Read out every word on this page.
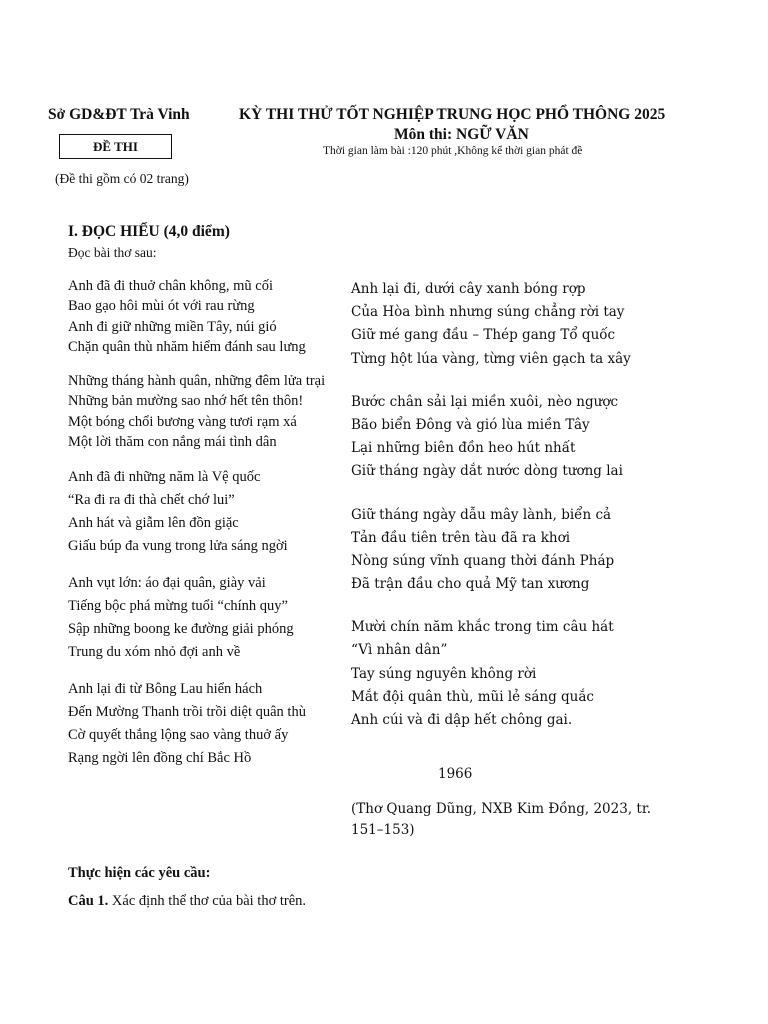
Sở GD&ĐT Trà Vinh	KỲ THI THỬ TỐT NGHIỆP TRUNG HỌC PHỔ THÔNG 2025
Môn thi: NGỮ VĂN
Thời gian làm bài :120 phút ,Không kể thời gian phát đề
ĐỀ THI
(Đề thi gồm có 02 trang)
I. ĐỌC HIỂU (4,0 điểm)
Đọc bài thơ sau:
Anh đã đi thuở chân không, mũ cối
Bao gạo hôi mùi ót với rau rừng
Anh đi giữ những miền Tây, núi gió
Chặn quân thù nhăm hiểm đánh sau lưng
Những tháng hành quân, những đêm lửa trại
Những bản mường sao nhớ hết tên thôn!
Một bóng chổi bương vàng tươi rạm xá
Một lời thăm con nắng mái tình dân
Anh đã đi những năm là Vệ quốc
“Ra đi ra đi thà chết chớ lui”
Anh hát và giẫm lên đồn giặc
Giấu búp đa vung trong lửa sáng ngời
Anh vụt lớn: áo đại quân, giày vải
Tiếng bộc phá mừng tuổi “chính quy”
Sập những boong ke đường giải phóng
Trung du xóm nhỏ đợi anh về
Anh lại đi từ Bông Lau hiển hách
Đến Mường Thanh trồi trồi diệt quân thù
Cờ quyết thắng lộng sao vàng thuở ấy
Rạng ngời lên đồng chí Bắc Hồ
Anh lại đi, dưới cây xanh bóng rợp
Của Hòa bình nhưng súng chẳng rời tay
Giữ mé gang đầu – Thép gang Tổ quốc
Từng hột lúa vàng, từng viên gạch ta xây
Bước chân sải lại miền xuôi, nèo ngược
Bão biển Đông và gió lùa miền Tây
Lại những biên đồn heo hút nhất
Giữ tháng ngày dắt nước dòng tương lai
Giữ tháng ngày dẫu mây lành, biển cả
Tản đầu tiên trên tàu đã ra khơi
Nòng súng vĩnh quang thời đánh Pháp
Đã trận đầu cho quả Mỹ tan xương
Mười chín năm khắc trong tim câu hát
“Vì nhân dân”
Tay súng nguyên không rời
Mắt đội quân thù, mũi lẻ sáng quắc
Anh cúi và đi dập hết chông gai.
1966
(Thơ Quang Dũng, NXB Kim Đồng, 2023, tr. 151–153)
Thực hiện các yêu cầu:
Câu 1. Xác định thể thơ của bài thơ trên.
